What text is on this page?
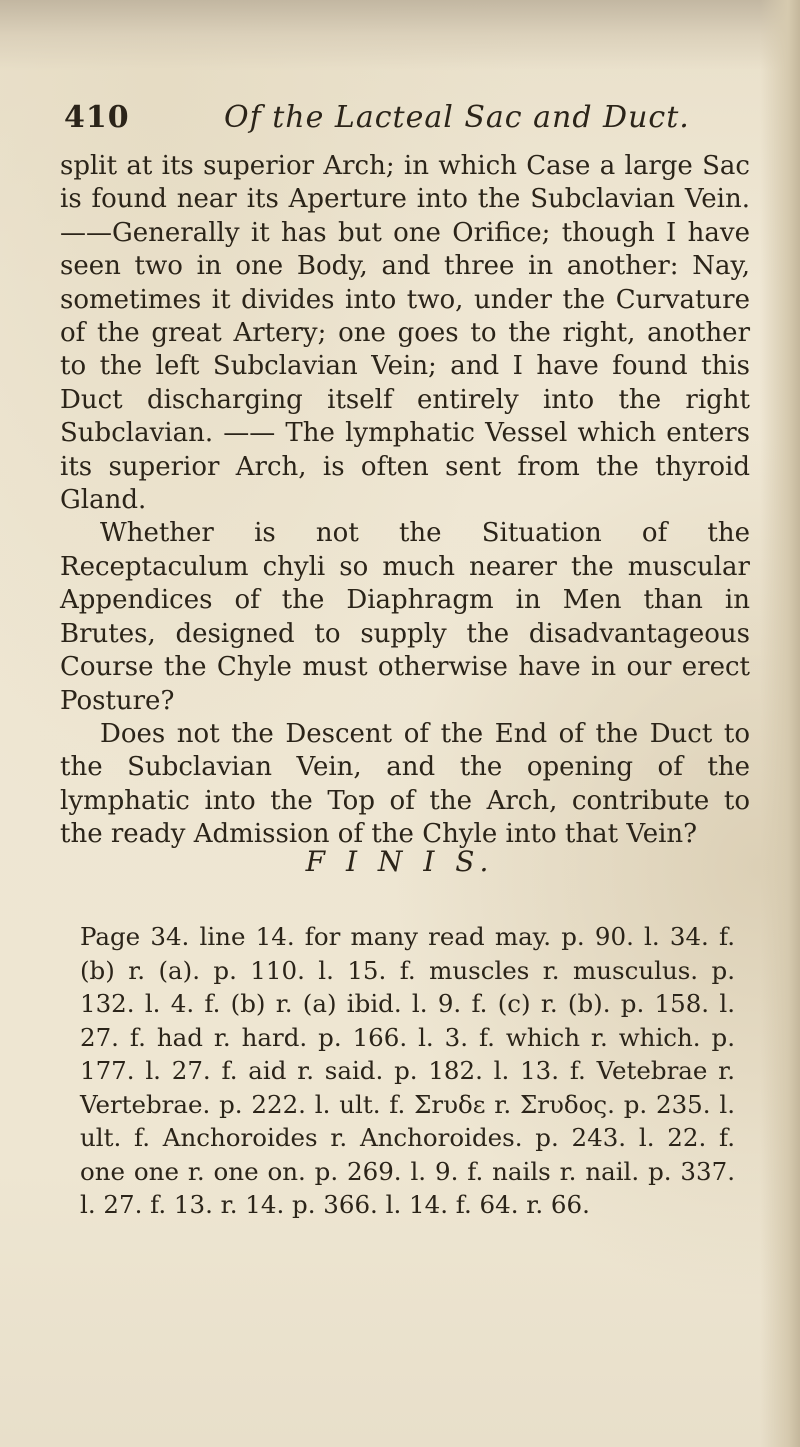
410	Of the Lacteal Sac and Duct.

split at its superior Arch; in which Case a large Sac is found near its Aperture into the Subclavian Vein.——Generally it has but one Orifice; though I have seen two in one Body, and three in another: Nay, sometimes it divides into two, under the Curvature of the great Artery; one goes to the right, another to the left Subclavian Vein; and I have found this Duct discharging itself entirely into the right Subclavian. —— The lymphatic Vessel which enters its superior Arch, is often sent from the thyroid Gland.

Whether is not the Situation of the Receptaculum chyli so much nearer the muscular Appendices of the Diaphragm in Men than in Brutes, designed to supply the disadvantageous Course the Chyle must otherwise have in our erect Posture?

Does not the Descent of the End of the Duct to the Subclavian Vein, and the opening of the lymphatic into the Top of the Arch, contribute to the ready Admission of the Chyle into that Vein?

F I N I S.
Page 34. line 14. for many read may. p. 90. l. 34. f. (b) r. (a). p. 110. l. 15. f. muscles r. musculus. p. 132. l. 4. f. (b) r. (a) ibid. l. 9. f. (c) r. (b). p. 158. l. 27. f. had r. hard. p. 166. l. 3. f. which r. which. p. 177. l. 27. f. aid r. said. p. 182. l. 13. f. Vetebrae r. Vertebrae. p. 222. l. ult. f. Σrυδε r. Σrυδος. p. 235. l. ult. f. Anchoroides r. Anchoroides. p. 243. l. 22. f. one one r. one on. p. 269. l. 9. f. nails r. nail. p. 337. l. 27. f. 13. r. 14. p. 366. l. 14. f. 64. r. 66.
